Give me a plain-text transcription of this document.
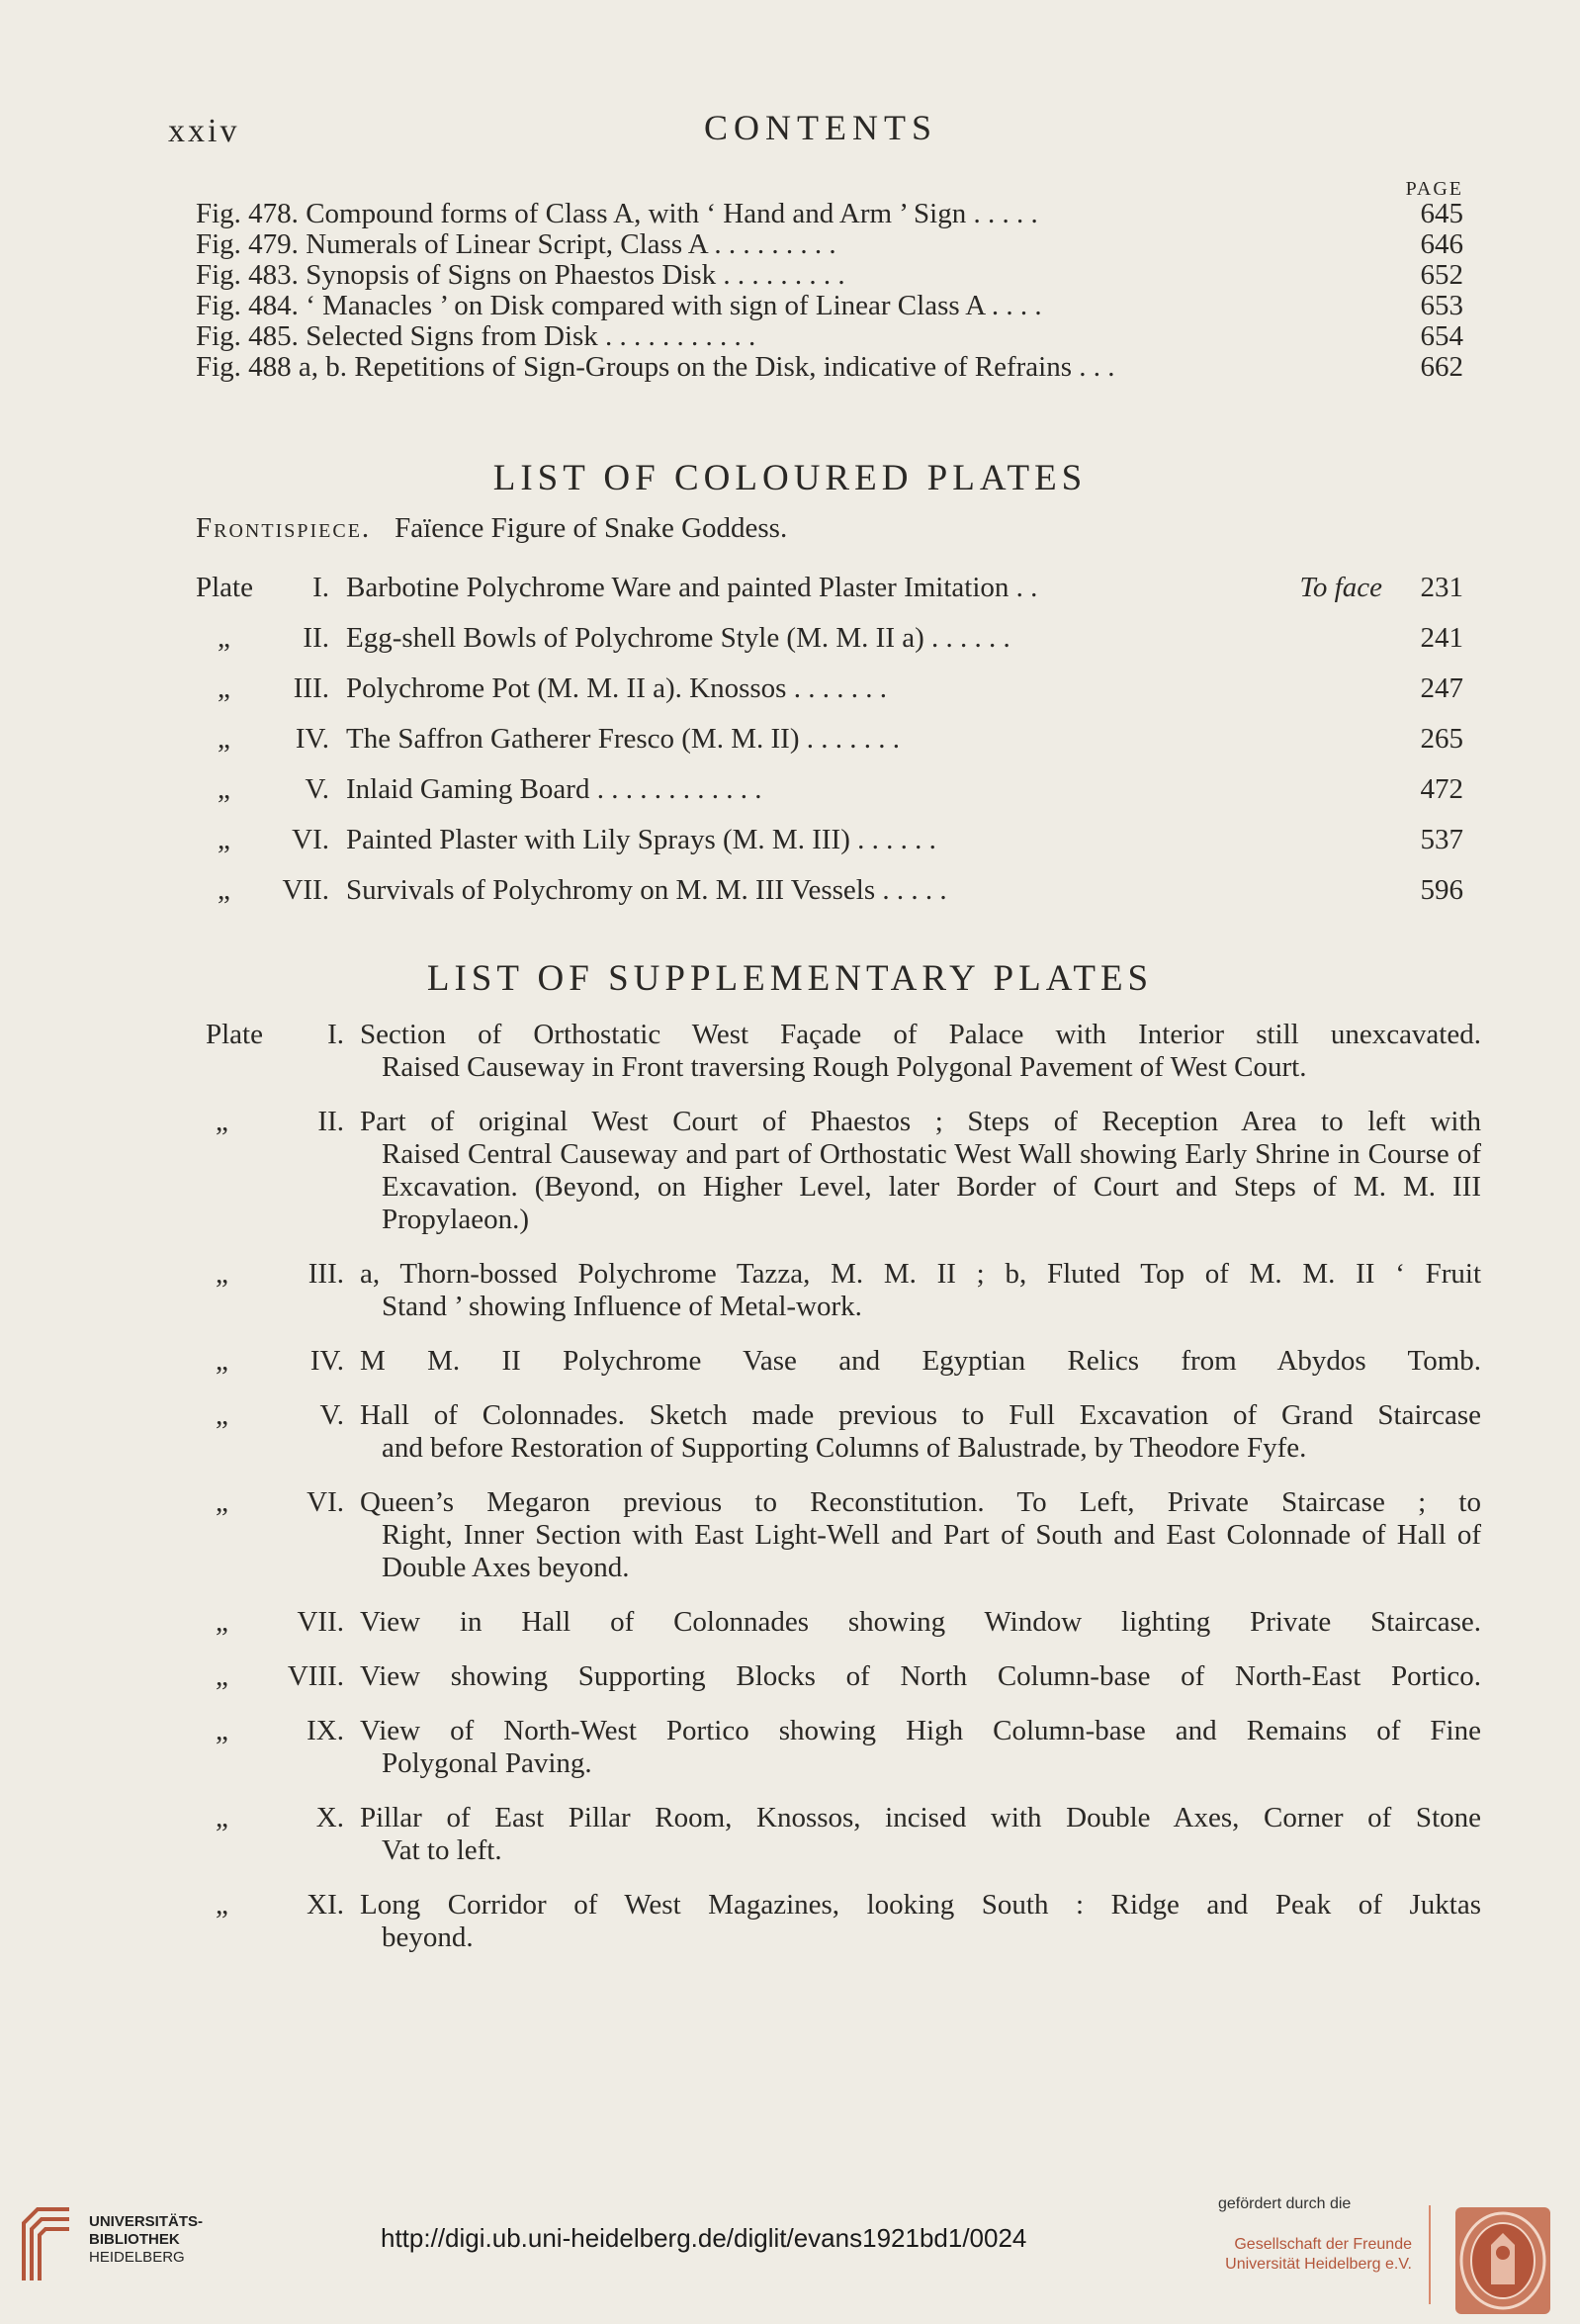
xxiv	CONTENTS
PAGE
Fig. 478. Compound forms of Class A, with ‘ Hand and Arm ’ Sign . . . . .	645
Fig. 479. Numerals of Linear Script, Class A . . . . . . . . .	646
Fig. 483. Synopsis of Signs on Phaestos Disk . . . . . . . . .	652
Fig. 484. ‘ Manacles ’ on Disk compared with sign of Linear Class A . . . .	653
Fig. 485. Selected Signs from Disk . . . . . . . . . . .	654
Fig. 488 a, b. Repetitions of Sign-Groups on the Disk, indicative of Refrains . . .	662
LIST OF COLOURED PLATES
Frontispiece. Faïence Figure of Snake Goddess.
Plate	I. Barbotine Polychrome Ware and painted Plaster Imitation . .	To face 231
„	II. Egg-shell Bowls of Polychrome Style (M. M. II a) . . . . . .	241
„	III. Polychrome Pot (M. M. II a). Knossos . . . . . . .	247
„	IV. The Saffron Gatherer Fresco (M. M. II) . . . . . . .	265
„	V. Inlaid Gaming Board . . . . . . . . . . . .	472
„	VI. Painted Plaster with Lily Sprays (M. M. III) . . . . . .	537
„	VII. Survivals of Polychromy on M. M. III Vessels . . . . .	596
LIST OF SUPPLEMENTARY PLATES
Plate I. Section of Orthostatic West Façade of Palace with Interior still unexcavated.
Raised Causeway in Front traversing Rough Polygonal Pavement of West Court.
„	II. Part of original West Court of Phaestos ; Steps of Reception Area to left with
Raised Central Causeway and part of Orthostatic West Wall showing Early Shrine in Course of Excavation. (Beyond, on Higher Level, later Border of Court and Steps of M. M. III Propylaeon.)
„	III. a, Thorn-bossed Polychrome Tazza, M. M. II ; b, Fluted Top of M. M. II ‘ Fruit
Stand ’ showing Influence of Metal-work.
„	IV. M M. II Polychrome Vase and Egyptian Relics from Abydos Tomb.
„	V. Hall of Colonnades. Sketch made previous to Full Excavation of Grand Staircase
and before Restoration of Supporting Columns of Balustrade, by Theodore Fyfe.
„	VI. Queen’s Megaron previous to Reconstitution. To Left, Private Staircase ; to
Right, Inner Section with East Light-Well and Part of South and East Colonnade of Hall of Double Axes beyond.
„ VII. View in Hall of Colonnades showing Window lighting Private Staircase.
„ VIII. View showing Supporting Blocks of North Column-base of North-East Portico.
„	IX. View of North-West Portico showing High Column-base and Remains of Fine
Polygonal Paving.
„	X. Pillar of East Pillar Room, Knossos, incised with Double Axes, Corner of Stone
Vat to left.
„	XI. Long Corridor of West Magazines, looking South : Ridge and Peak of Juktas
beyond.
UNIVERSITÄTS-
BIBLIOTHEK
HEIDELBERG
http://digi.ub.uni-heidelberg.de/diglit/evans1921bd1/0024
gefördert durch die
Gesellschaft der Freunde
Universität Heidelberg e.V.
